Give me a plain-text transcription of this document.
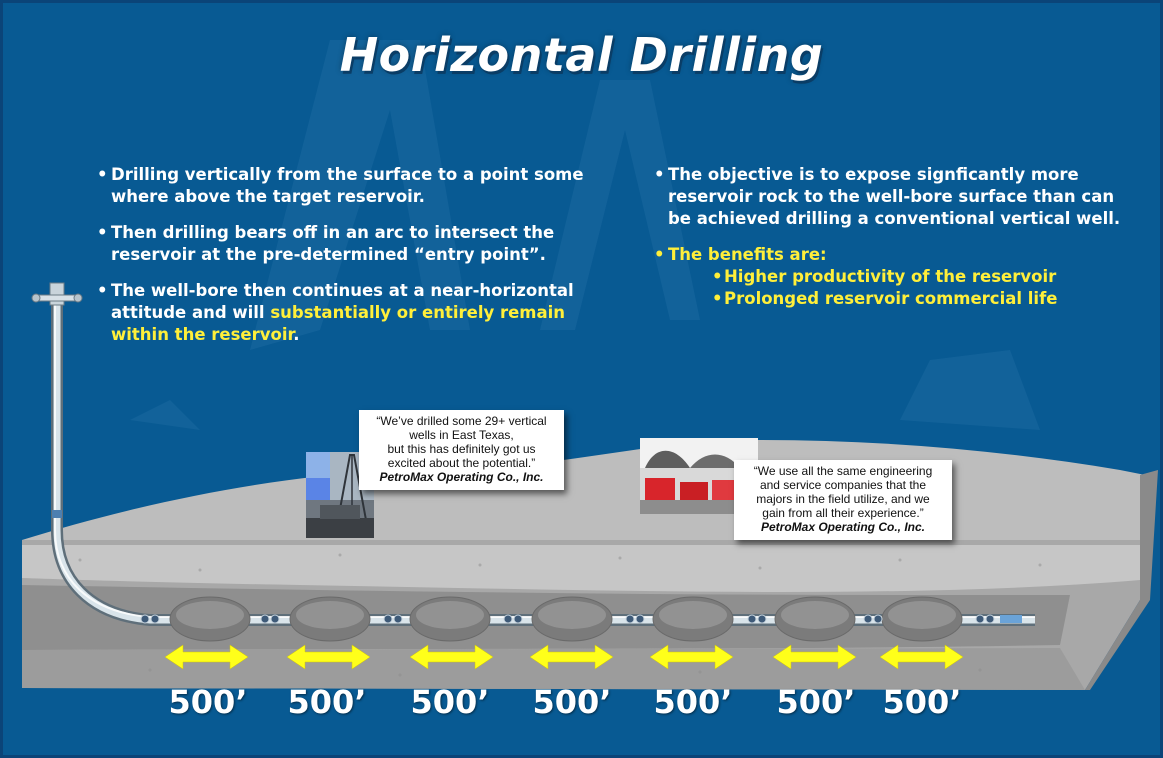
Horizontal Drilling
• Drilling vertically from the surface to a point some where above the target reservoir.
• Then drilling bears off in an arc to intersect the reservoir at the pre-determined “entry point”.
• The well-bore then continues at a near-horizontal attitude and will substantially or entirely remain within the reservoir.
• The objective is to expose signficantly more reservoir rock to the well-bore surface than can be achieved drilling a conventional vertical well.
• The benefits are:
• Higher productivity of the reservoir
• Prolonged reservoir commercial life
“We’ve drilled some 29+ vertical
wells in East Texas,
but this has definitely got us
excited about the potential.”
PetroMax Operating Co., Inc.	“We use all the same engineering
and service companies that the
majors in the field utilize, and we
gain from all their experience.”
PetroMax Operating Co., Inc.
500’	500’	500’	500’	500’	500’ 500’
